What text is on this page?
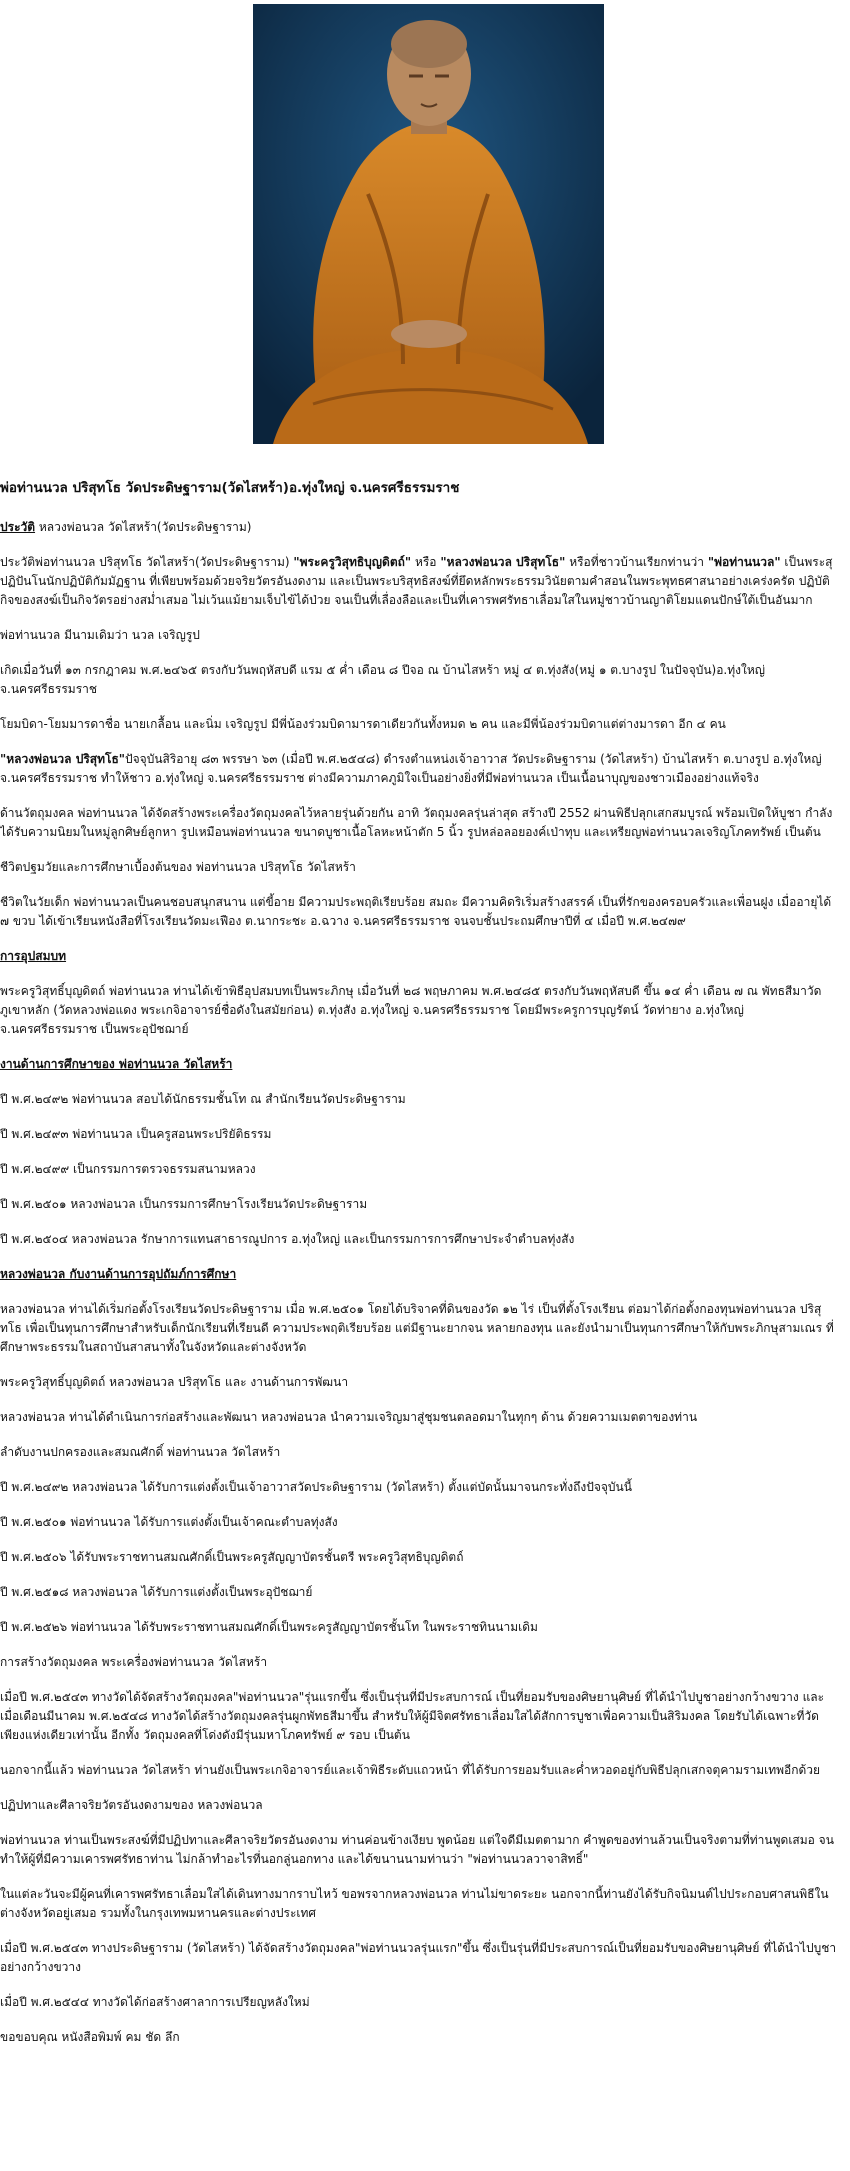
พ่อท่านนวล ปริสุทโธ วัดประดิษฐาราม(วัดไสหร้า)อ.ทุ่งใหญ่ จ.นครศรีธรรมราช

ประวัติ หลวงพ่อนวล วัดไสหร้า(วัดประดิษฐาราม)

ประวัติพ่อท่านนวล ปริสุทโธ วัดไสหร้า(วัดประดิษฐาราม) "พระครูวิสุทธิบุญดิตถ์" หรือ "หลวงพ่อนวล ปริสุทโธ" หรือที่ชาวบ้านเรียกท่านว่า "พ่อท่านนวล" เป็นพระสุปฏิปันโนนักปฏิบัติกัมมัฏฐาน ที่เพียบพร้อมด้วยจริยวัตรอันงดงาม และเป็นพระบริสุทธิสงฆ์ที่ยึดหลักพระธรรมวินัยตามคำสอนในพระพุทธศาสนาอย่างเคร่งครัด ปฏิบัติกิจของสงฆ์เป็นกิจวัตรอย่างสม่ำเสมอ ไม่เว้นแม้ยามเจ็บไข้ได้ป่วย จนเป็นที่เลื่องลือและเป็นที่เคารพศรัทธาเลื่อมใสในหมู่ชาวบ้านญาติโยมแดนปักษ์ใต้เป็นอันมาก

พ่อท่านนวล มีนามเดิมว่า นวล เจริญรูป

เกิดเมื่อวันที่ ๑๓ กรกฎาคม พ.ศ.๒๔๖๕ ตรงกับวันพฤหัสบดี แรม ๕ ค่ำ เดือน ๘ ปีจอ ณ บ้านไสหร้า หมู่ ๔ ต.ทุ่งสัง(หมู่ ๑ ต.บางรูป ในปัจจุบัน)อ.ทุ่งใหญ่ จ.นครศรีธรรมราช

โยมบิดา-โยมมารดาชื่อ นายเกลื้อน และนิ่ม เจริญรูป มีพี่น้องร่วมบิดามารดาเดียวกันทั้งหมด ๒ คน และมีพี่น้องร่วมบิดาแต่ต่างมารดา อีก ๔ คน

"หลวงพ่อนวล ปริสุทโธ"ปัจจุบันสิริอายุ ๘๓ พรรษา ๖๓ (เมื่อปี พ.ศ.๒๕๔๘) ดำรงตำแหน่งเจ้าอาวาส วัดประดิษฐาราม (วัดไสหร้า) บ้านไสหร้า ต.บางรูป อ.ทุ่งใหญ่ จ.นครศรีธรรมราช ทำให้ชาว อ.ทุ่งใหญ่ จ.นครศรีธรรมราช ต่างมีความภาคภูมิใจเป็นอย่างยิ่งที่มีพ่อท่านนวล เป็นเนื้อนาบุญของชาวเมืองอย่างแท้จริง

ด้านวัตถุมงคล พ่อท่านนวล ได้จัดสร้างพระเครื่องวัตถุมงคลไว้หลายรุ่นด้วยกัน อาทิ วัตถุมงคลรุ่นล่าสุด สร้างปี 2552 ผ่านพิธีปลุกเสกสมบูรณ์ พร้อมเปิดให้บูชา กำลังได้รับความนิยมในหมู่ลูกศิษย์ลูกหา รูปเหมือนพ่อท่านนวล ขนาดบูชาเนื้อโลหะหน้าตัก 5 นิ้ว รูปหล่อลอยองค์เป่าทุบ และเหรียญพ่อท่านนวลเจริญโภคทรัพย์ เป็นต้น

ชีวิตปฐมวัยและการศึกษาเบื้องต้นของ พ่อท่านนวล ปริสุทโธ วัดไสหร้า

ชีวิตในวัยเด็ก พ่อท่านนวลเป็นคนชอบสนุกสนาน แต่ขี้อาย มีความประพฤติเรียบร้อย สมถะ มีความคิดริเริ่มสร้างสรรค์ เป็นที่รักของครอบครัวและเพื่อนฝูง เมื่ออายุได้ ๗ ขวบ ได้เข้าเรียนหนังสือที่โรงเรียนวัดมะเฟือง ต.นากระชะ อ.ฉวาง จ.นครศรีธรรมราช จนจบชั้นประถมศึกษาปีที่ ๔ เมื่อปี พ.ศ.๒๔๗๙

การอุปสมบท

พระครูวิสุทธิ์บุญดิตถ์ พ่อท่านนวล ท่านได้เข้าพิธีอุปสมบทเป็นพระภิกษุ เมื่อวันที่ ๒๘ พฤษภาคม พ.ศ.๒๔๘๕ ตรงกับวันพฤหัสบดี ขึ้น ๑๔ ค่ำ เดือน ๗ ณ พัทธสีมาวัดภูเขาหลัก (วัดหลวงพ่อแดง พระเกจิอาจารย์ชื่อดังในสมัยก่อน) ต.ทุ่งสัง อ.ทุ่งใหญ่ จ.นครศรีธรรมราช โดยมีพระครูการบุญรัตน์ วัดท่ายาง อ.ทุ่งใหญ่ จ.นครศรีธรรมราช เป็นพระอุปัชฌาย์

งานด้านการศึกษาของ พ่อท่านนวล วัดไสหร้า

ปี พ.ศ.๒๔๙๒ พ่อท่านนวล สอบได้นักธรรมชั้นโท ณ สำนักเรียนวัดประดิษฐาราม

ปี พ.ศ.๒๔๙๓ พ่อท่านนวล เป็นครูสอนพระปริยัติธรรม

ปี พ.ศ.๒๔๙๙ เป็นกรรมการตรวจธรรมสนามหลวง

ปี พ.ศ.๒๕๐๑ หลวงพ่อนวล เป็นกรรมการศึกษาโรงเรียนวัดประดิษฐาราม

ปี พ.ศ.๒๕๐๔ หลวงพ่อนวล รักษาการแทนสาธารณูปการ อ.ทุ่งใหญ่ และเป็นกรรมการการศึกษาประจำตำบลทุ่งสัง

หลวงพ่อนวล กับงานด้านการอุปถัมภ์การศึกษา

หลวงพ่อนวล ท่านได้เริ่มก่อตั้งโรงเรียนวัดประดิษฐาราม เมื่อ พ.ศ.๒๕๐๑ โดยได้บริจาคที่ดินของวัด ๑๒ ไร่ เป็นที่ตั้งโรงเรียน ต่อมาได้ก่อตั้งกองทุนพ่อท่านนวล ปริสุทโธ เพื่อเป็นทุนการศึกษาสำหรับเด็กนักเรียนที่เรียนดี ความประพฤติเรียบร้อย แต่มีฐานะยากจน หลายกองทุน และยังนำมาเป็นทุนการศึกษาให้กับพระภิกษุสามเณร ที่ศึกษาพระธรรมในสถาบันสาสนาทั้งในจังหวัดและต่างจังหวัด

พระครูวิสุทธิ์บุญดิตถ์ หลวงพ่อนวล ปริสุทโธ และ งานด้านการพัฒนา

หลวงพ่อนวล ท่านได้ดำเนินการก่อสร้างและพัฒนา หลวงพ่อนวล นำความเจริญมาสู่ชุมชนตลอดมาในทุกๆ ด้าน ด้วยความเมตตาของท่าน

ลำดับงานปกครองและสมณศักดิ์ พ่อท่านนวล วัดไสหร้า

ปี พ.ศ.๒๔๙๒ หลวงพ่อนวล ได้รับการแต่งตั้งเป็นเจ้าอาวาสวัดประดิษฐาราม (วัดไสหร้า) ตั้งแต่บัดนั้นมาจนกระทั่งถึงปัจจุบันนี้

ปี พ.ศ.๒๕๐๑ พ่อท่านนวล ได้รับการแต่งตั้งเป็นเจ้าคณะตำบลทุ่งสัง

ปี พ.ศ.๒๕๐๖ ได้รับพระราชทานสมณศักดิ์เป็นพระครูสัญญาบัตรชั้นตรี พระครูวิสุทธิบุญดิตถ์

ปี พ.ศ.๒๕๑๘ หลวงพ่อนวล ได้รับการแต่งตั้งเป็นพระอุปัชฌาย์

ปี พ.ศ.๒๕๒๖ พ่อท่านนวล ได้รับพระราชทานสมณศักดิ์เป็นพระครูสัญญาบัตรชั้นโท ในพระราชทินนามเดิม

การสร้างวัตถุมงคล พระเครื่องพ่อท่านนวล วัดไสหร้า

เมื่อปี พ.ศ.๒๕๔๓ ทางวัดได้จัดสร้างวัตถุมงคล"พ่อท่านนวล"รุ่นแรกขึ้น ซึ่งเป็นรุ่นที่มีประสบการณ์ เป็นที่ยอมรับของศิษยานุศิษย์ ที่ได้นำไปบูชาอย่างกว้างขวาง และเมื่อเดือนมีนาคม พ.ศ.๒๕๔๘ ทางวัดได้สร้างวัตถุมงคลรุ่นผูกพัทธสีมาขึ้น สำหรับให้ผู้มีจิตศรัทธาเลื่อมใสได้สักการบูชาเพื่อความเป็นสิริมงคล โดยรับได้เฉพาะที่วัดเพียงแห่งเดียวเท่านั้น อีกทั้ง วัตถุมงคลที่โด่งดังมีรุ่นมหาโภคทรัพย์ ๙ รอบ เป็นต้น

นอกจากนี้แล้ว พ่อท่านนวล วัดไสหร้า ท่านยังเป็นพระเกจิอาจารย์และเจ้าพิธีระดับแถวหน้า ที่ได้รับการยอมรับและค่ำหวอดอยู่กับพิธีปลุกเสกจตุคามรามเทพอีกด้วย

ปฏิปทาและศีลาจริยวัตรอันงดงามของ หลวงพ่อนวล

พ่อท่านนวล ท่านเป็นพระสงฆ์ที่มีปฏิปทาและศีลาจริยวัตรอันงดงาม ท่านค่อนข้างเงียบ พูดน้อย แต่ใจดีมีเมตตามาก คำพูดของท่านล้วนเป็นจริงตามที่ท่านพูดเสมอ จนทำให้ผู้ที่มีความเคารพศรัทธาท่าน ไม่กล้าทำอะไรที่นอกลู่นอกทาง และได้ขนานนามท่านว่า "พ่อท่านนวลวาจาสิทธิ์"

ในแต่ละวันจะมีผู้คนที่เคารพศรัทธาเลื่อมใสได้เดินทางมากราบไหว้ ขอพรจากหลวงพ่อนวล ท่านไม่ขาดระยะ นอกจากนี้ท่านยังได้รับกิจนิมนต์ไปประกอบศาสนพิธีในต่างจังหวัดอยู่เสมอ รวมทั้งในกรุงเทพมหานครและต่างประเทศ

เมื่อปี พ.ศ.๒๕๔๓ ทางประดิษฐาราม (วัดไสหร้า) ได้จัดสร้างวัตถุมงคล"พ่อท่านนวลรุ่นแรก"ขึ้น ซึ่งเป็นรุ่นที่มีประสบการณ์เป็นที่ยอมรับของศิษยานุศิษย์ ที่ได้นำไปบูชาอย่างกว้างขวาง

เมื่อปี พ.ศ.๒๕๔๔ ทางวัดได้ก่อสร้างศาลาการเปรียญหลังใหม่

ขอขอบคุณ หนังสือพิมพ์ คม ชัด ลึก
